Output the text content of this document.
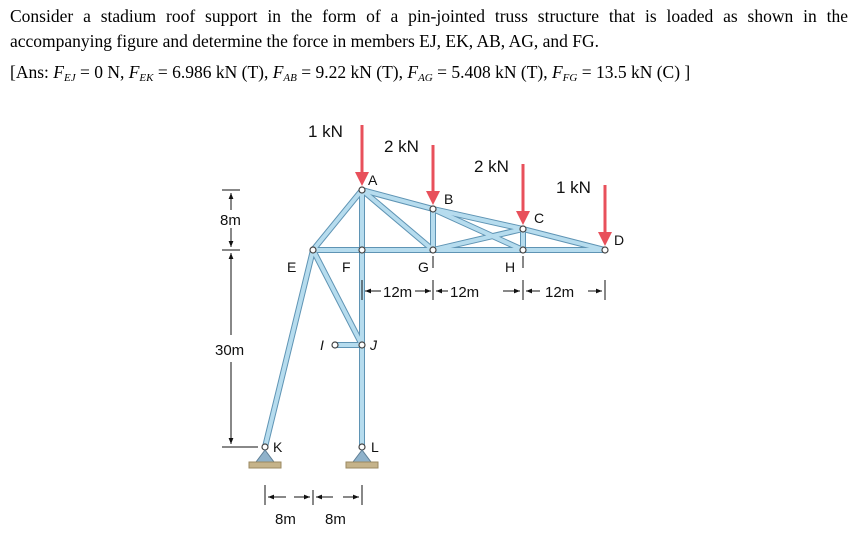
Consider a stadium roof support in the form of a pin-jointed truss structure that is loaded as shown in the accompanying figure and determine the force in members EJ, EK, AB, AG, and FG.
[Ans: $F_{EJ} = 0$ N, $F_{EK} = 6.986$ kN (T), $F_{AB} = 9.22$ kN (T), $F_{AG} = 5.408$ kN (T), $F_{FG} = 13.5$ kN (C) ]
1 kN
2 kN
2 kN
1 kN
A
B
C
D
E	F	G	H
I	J
K	L
12m	12m	12m
8m
30m
8m 8m
